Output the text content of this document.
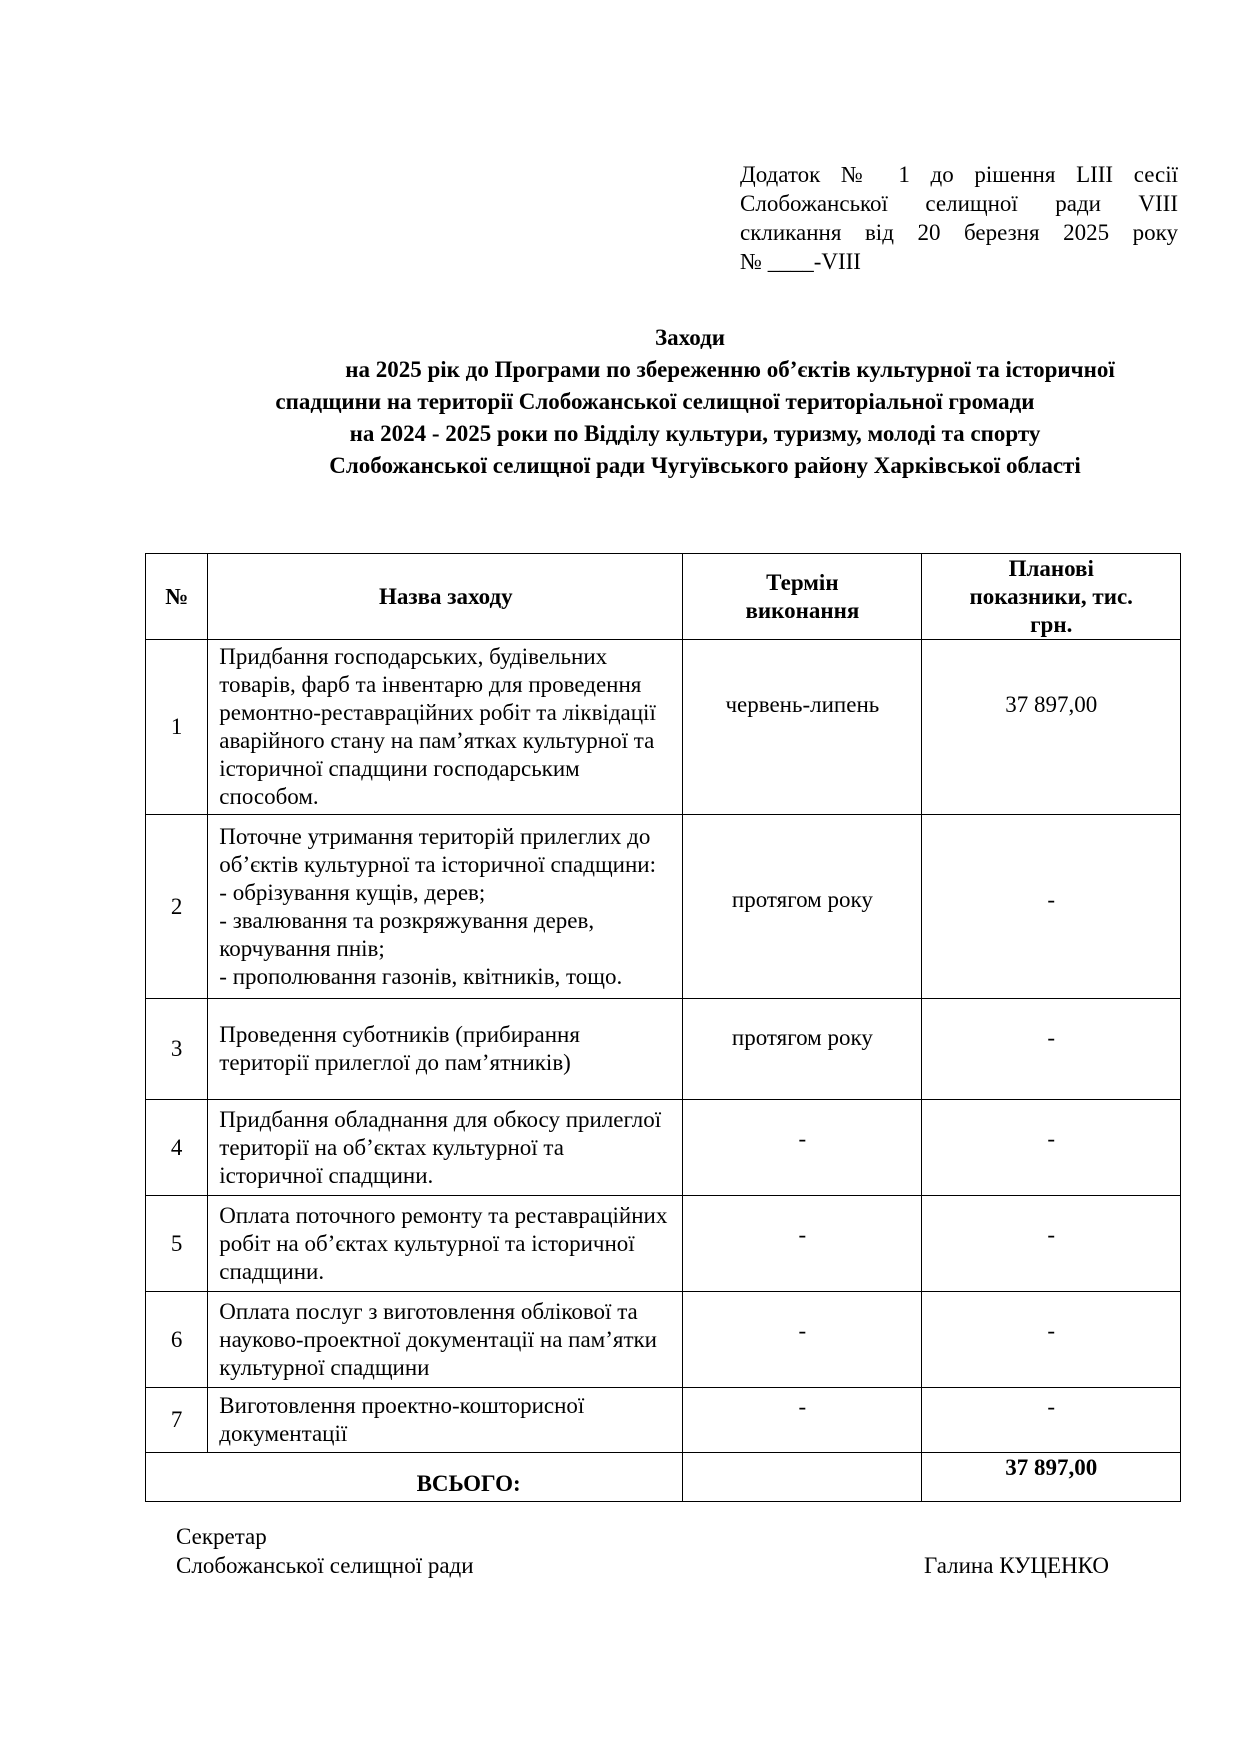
Додаток № 1 до рішення LIII сесії
Слобожанської селищної ради VIII
скликання від 20 березня 2025 року
№ ____-VIII
Заходи
на 2025 рік до Програми по збереженню об’єктів культурної та історичної
спадщини на території Слобожанської селищної територіальної громади
на 2024 - 2025 роки по Відділу культури, туризму, молоді та спорту
Слобожанської селищної ради Чугуївського району Харківської області
№	Назва заходу	Термін виконання	Планові показники, тис. грн.
1	Придбання господарських, будівельних товарів, фарб та інвентарю для проведення ремонтно-реставраційних робіт та ліквідації аварійного стану на пам’ятках культурної та історичної спадщини господарським способом.	червень-липень	37 897,00
2	Поточне утримання територій прилеглих до об’єктів культурної та історичної спадщини:
- обрізування кущів, дерев;
- звалювання та розкряжування дерев, корчування пнів;
- прополювання газонів, квітників, тощо.	протягом року	-
3	Проведення суботників (прибирання території прилеглої до пам’ятників)	протягом року	-
4	Придбання обладнання для обкосу прилеглої території на об’єктах культурної та історичної спадщини.	-	-
5	Оплата поточного ремонту та реставраційних робіт на об’єктах культурної та історичної спадщини.	-	-
6	Оплата послуг з виготовлення облікової та науково-проектної документації на пам’ятки культурної спадщини	-	-
7	Виготовлення проектно-кошторисної документації	-	-
ВСЬОГО:			37 897,00
Секретар
Слобожанської селищної ради	Галина КУЦЕНКО
